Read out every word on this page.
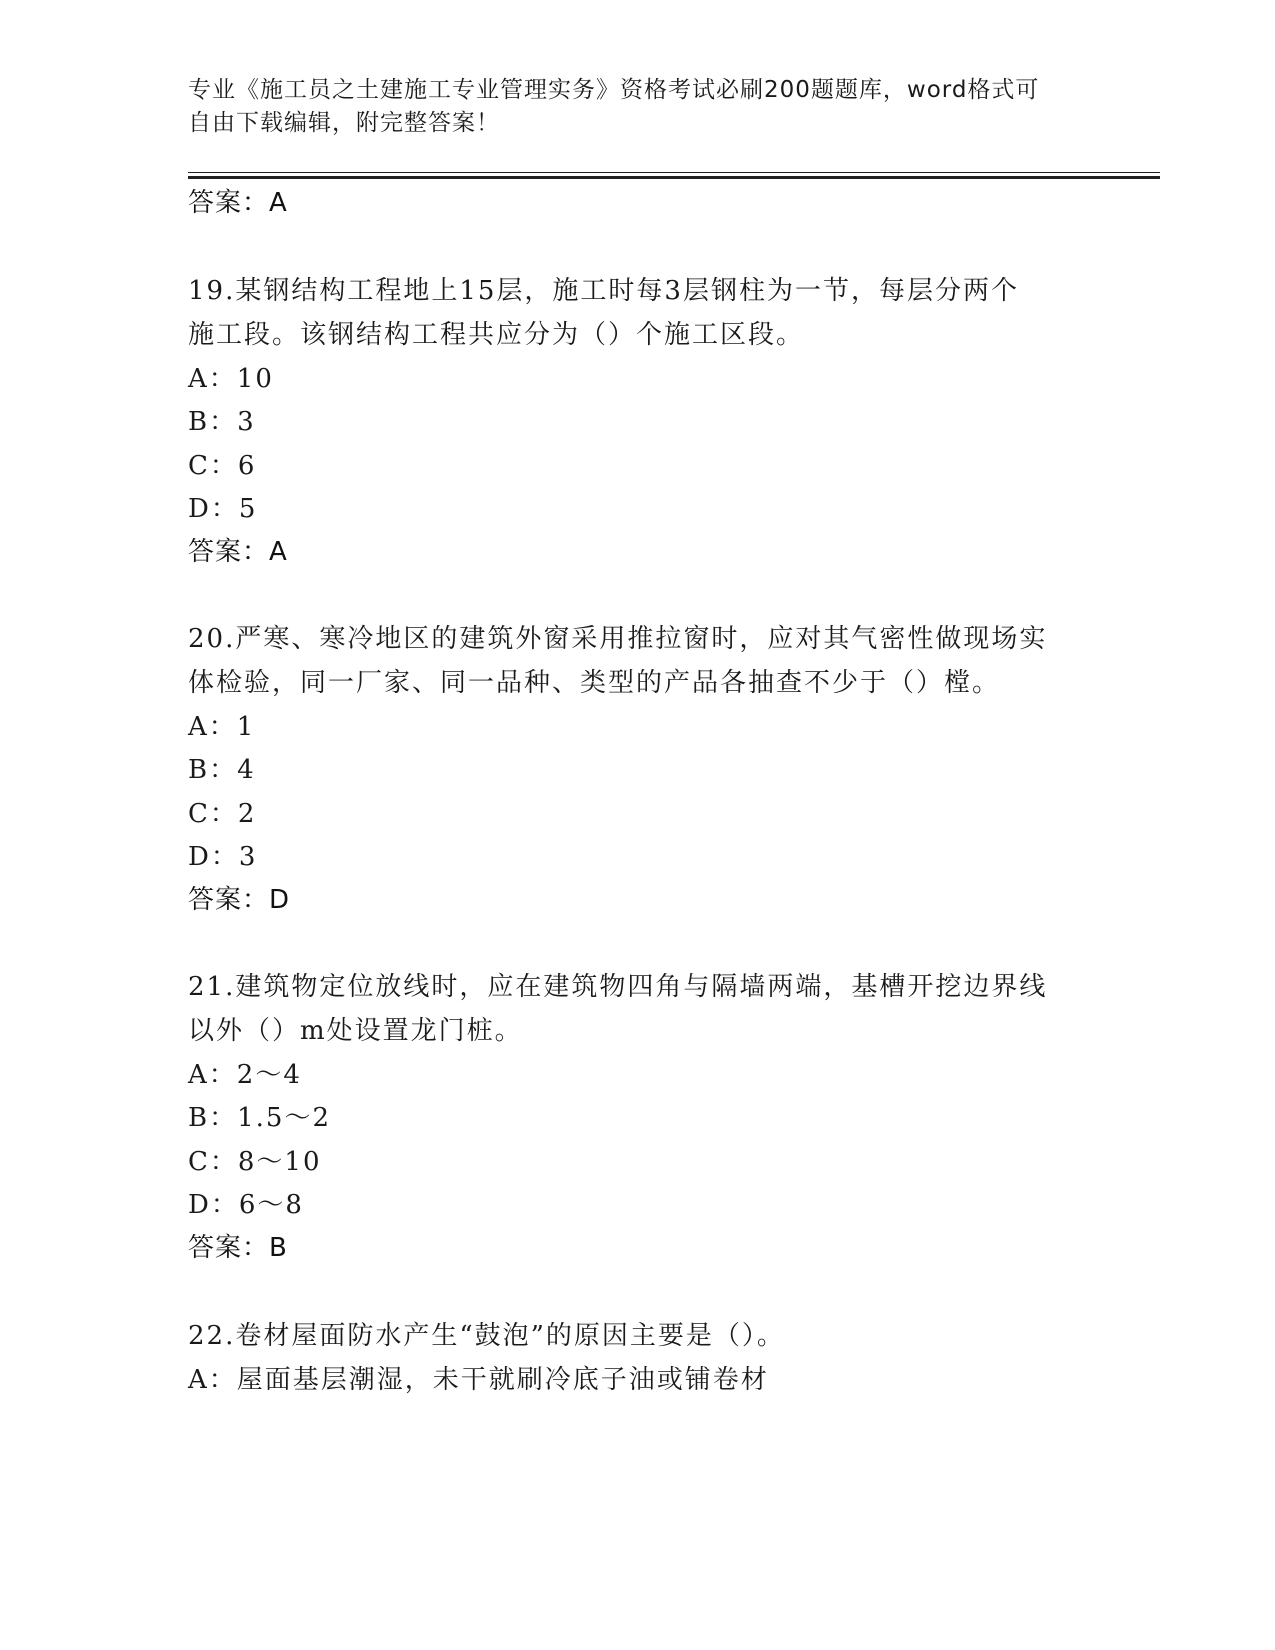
专业《施工员之土建施工专业管理实务》资格考试必刷200题题库，word格式可
自由下载编辑，附完整答案！
答案：A
19.某钢结构工程地上15层，施工时每3层钢柱为一节，每层分两个
施工段。该钢结构工程共应分为（）个施工区段。
A：10
B：3
C：6
D：5
答案：A
20.严寒、寒冷地区的建筑外窗采用推拉窗时，应对其气密性做现场实
体检验，同一厂家、同一品种、类型的产品各抽查不少于（）樘。
A：1
B：4
C：2
D：3
答案：D
21.建筑物定位放线时，应在建筑物四角与隔墙两端，基槽开挖边界线
以外（）m处设置龙门桩。
A：2～4
B：1.5～2
C：8～10
D：6～8
答案：B
22.卷材屋面防水产生“鼓泡”的原因主要是（）。
A：屋面基层潮湿，未干就刷冷底子油或铺卷材
